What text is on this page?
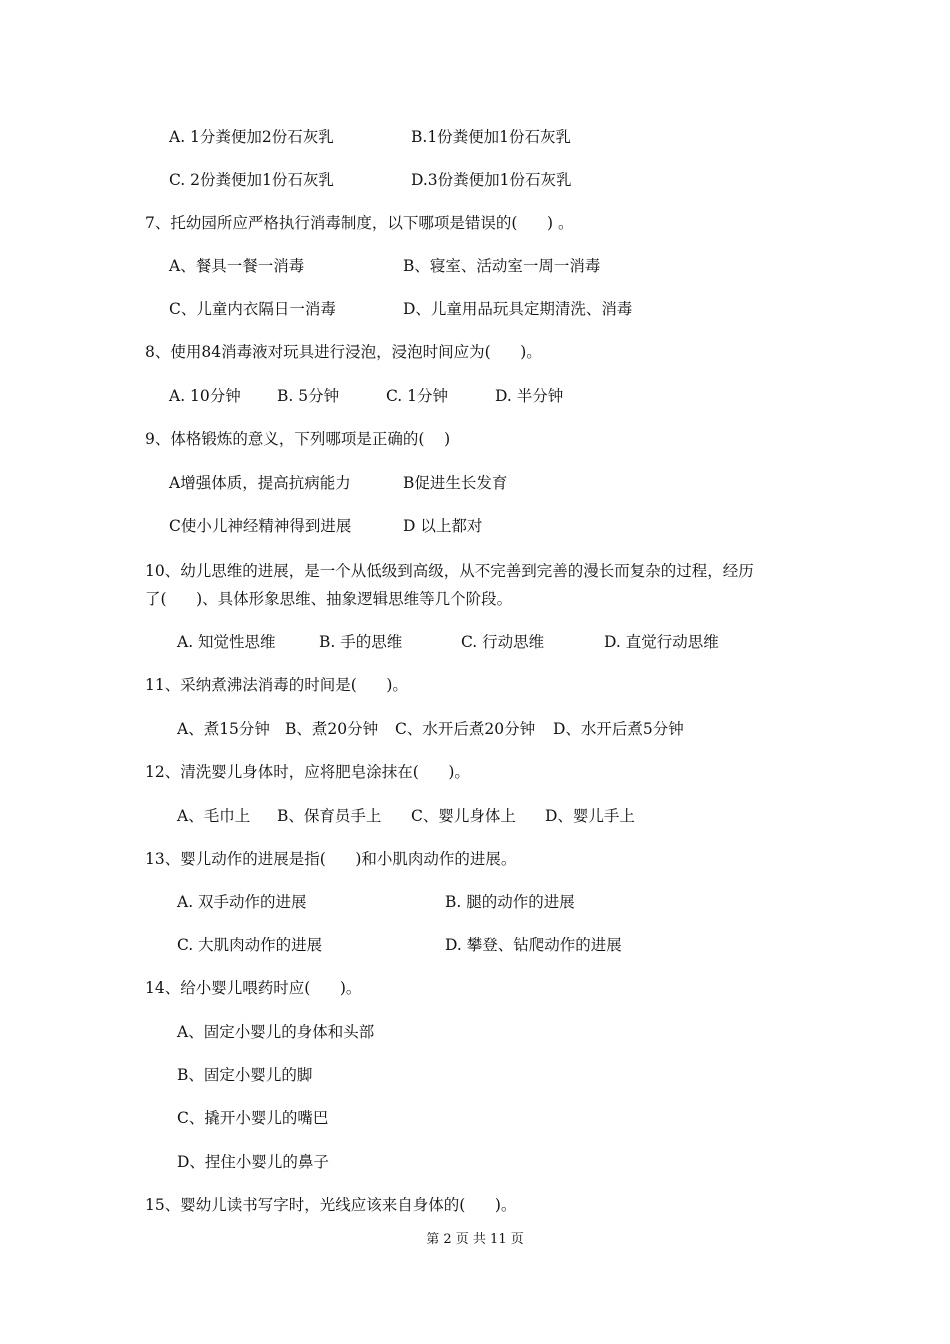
A. 1分粪便加2份石灰乳	B.1份粪便加1份石灰乳
C. 2份粪便加1份石灰乳	D.3份粪便加1份石灰乳
7、托幼园所应严格执行消毒制度，以下哪项是错误的(      ) 。
A、餐具一餐一消毒	B、寝室、活动室一周一消毒
C、儿童内衣隔日一消毒	D、儿童用品玩具定期清洗、消毒
8、使用84消毒液对玩具进行浸泡，浸泡时间应为(      )。
A. 10分钟 B. 5分钟	C. 1分钟	D. 半分钟
9、体格锻炼的意义，下列哪项是正确的(    )
A增强体质，提高抗病能力	B促进生长发育
C使小儿神经精神得到进展	D 以上都对
10、幼儿思维的进展，是一个从低级到高级，从不完善到完善的漫长而复杂的过程，经历
了(      )、具体形象思维、抽象逻辑思维等几个阶段。
A. 知觉性思维	B. 手的思维	C. 行动思维	D. 直觉行动思维
11、采纳煮沸法消毒的时间是(      )。
A、煮15分钟 B、煮20分钟 C、水开后煮20分钟 D、水开后煮5分钟
12、清洗婴儿身体时，应将肥皂涂抹在(      )。
A、毛巾上 B、保育员手上 C、婴儿身体上 D、婴儿手上
13、婴儿动作的进展是指(      )和小肌肉动作的进展。
A. 双手动作的进展	B. 腿的动作的进展
C. 大肌肉动作的进展	D. 攀登、钻爬动作的进展
14、给小婴儿喂药时应(      )。
A、固定小婴儿的身体和头部
B、固定小婴儿的脚
C、撬开小婴儿的嘴巴
D、捏住小婴儿的鼻子
15、婴幼儿读书写字时，光线应该来自身体的(      )。
第 2 页 共 11 页
